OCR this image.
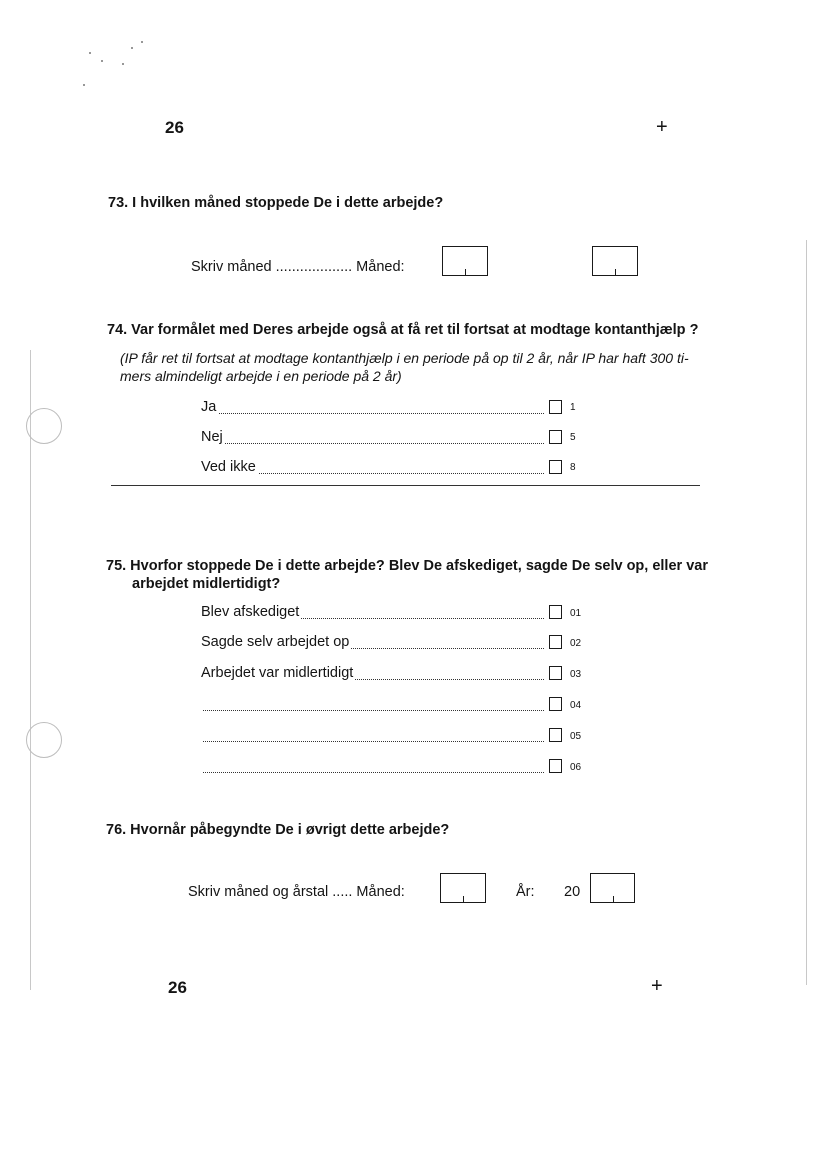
26	+
73. I hvilken måned stoppede De i dette arbejde?
Skriv måned ................... Måned:
74. Var formålet med Deres arbejde også at få ret til fortsat at modtage kontanthjælp ?
(IP får ret til fortsat at modtage kontanthjælp i en periode på op til 2 år, når IP har haft 300 ti-
mers almindeligt arbejde i en periode på 2 år)
Ja	1
Nej	5
Ved ikke	8
75. Hvorfor stoppede De i dette arbejde? Blev De afskediget, sagde De selv op, eller var
arbejdet midlertidigt?
Blev afskediget	01
Sagde selv arbejdet op	02
Arbejdet var midlertidigt	03
04
05
06
76. Hvornår påbegyndte De i øvrigt dette arbejde?
Skriv måned og årstal ..... Måned:	År: 20
26	+
